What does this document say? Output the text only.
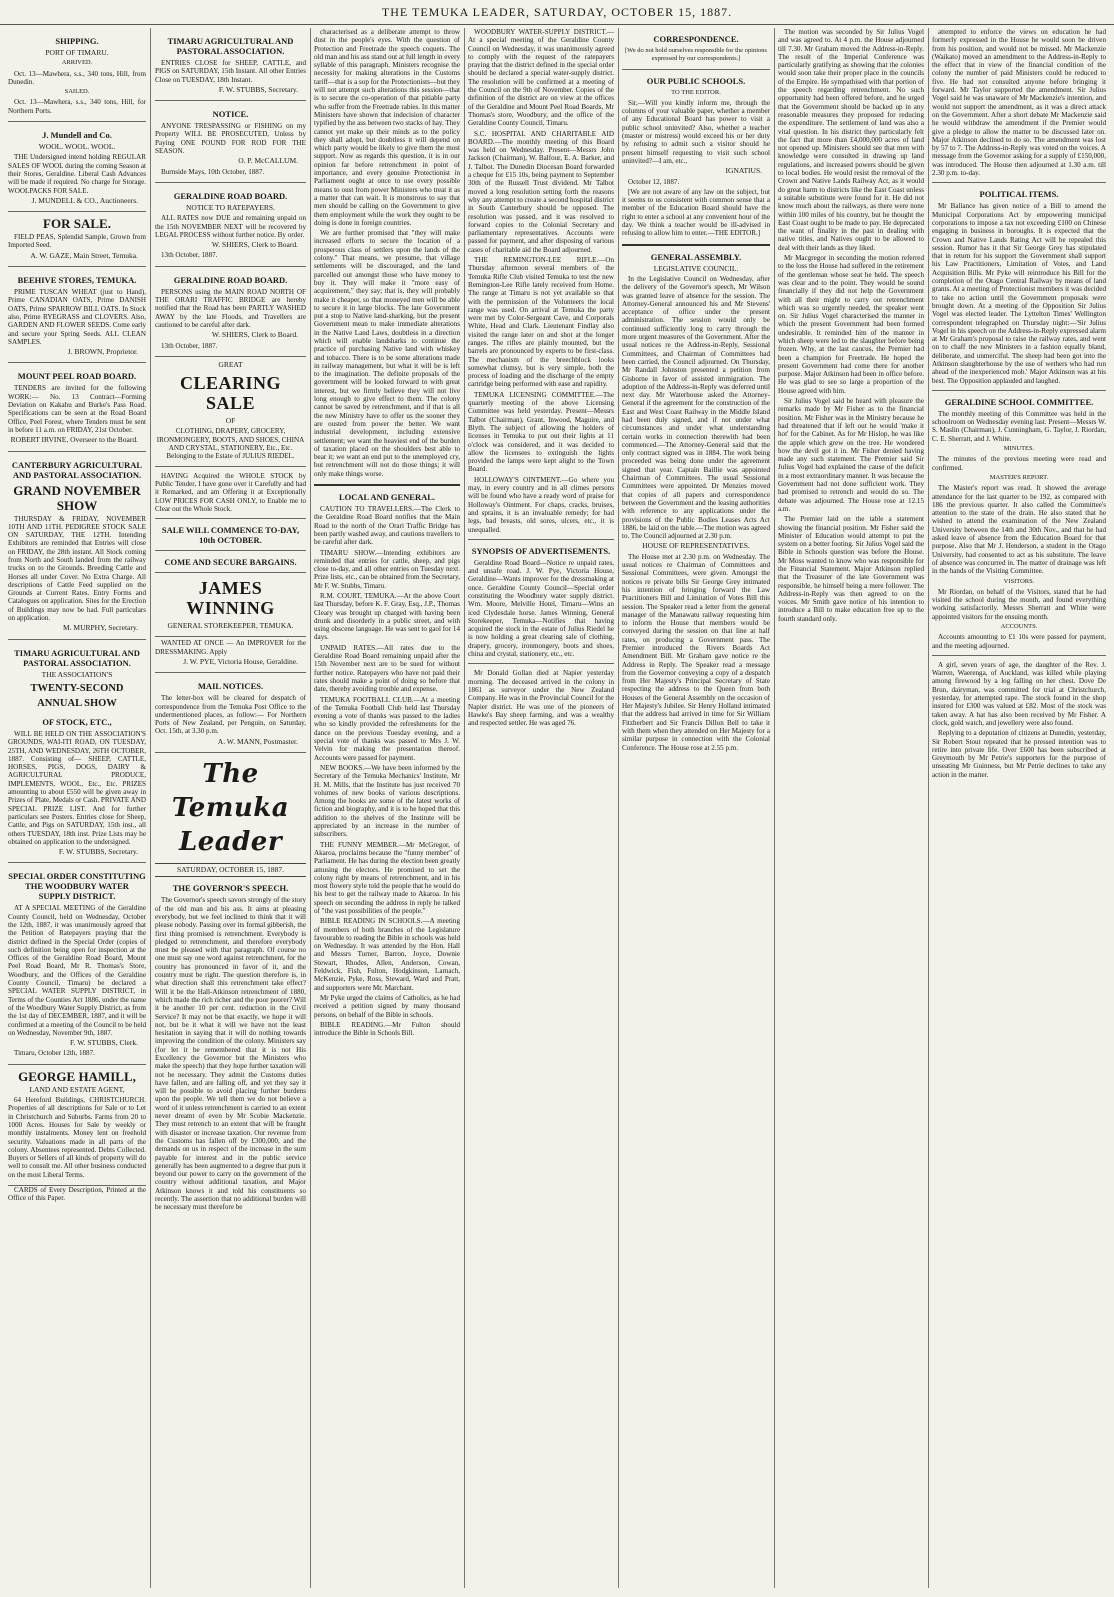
THE TEMUKA LEADER, SATURDAY, OCTOBER 15, 1887.
SHIPPING.
PORT OF TIMARU.
ARRIVED.

Oct. 13—Mawhera, s.s., 340 tons, Hill, from Dunedin.

SAILED.

Oct. 13—Mawhera, s.s., 340 tons, Hill, for Northern Ports.

J. Mundell and Co.
WOOL. WOOL. WOOL.

THE Undersigned intend holding REGULAR SALES OF WOOL during the coming Season at their Stores, Geraldine. Liberal Cash Advances will be made if required. No charge for Storage. WOOLPACKS FOR SALE.

J. MUNDELL & CO., Auctioneers.
FOR SALE.

FIELD PEAS, Splendid Sample, Grown from Imported Seed.

A. W. GAZE, Main Street, Temuka.
BEEHIVE STORES, TEMUKA.

PRIME TUSCAN WHEAT (just to Hand), Prime CANADIAN OATS, Prime DANISH OATS, Prime SPARROW BILL OATS. In Stock also, Prime RYEGRASS and CLOVERS. Also, GARDEN AND FLOWER SEEDS. Come early and secure your Spring Seeds. ALL CLEAN SAMPLES.

J. BROWN, Proprietor.
MOUNT PEEL ROAD BOARD.

TENDERS are invited for the following WORK:— No. 13 Contract—Forming Deviation on Kakahu and Burke's Pass Road. Specifications can be seen at the Road Board Office, Peel Forest, where Tenders must be sent in before 11 a.m. on FRIDAY, 21st October.

ROBERT IRVINE, Overseer to the Board.
CANTERBURY AGRICULTURAL AND PASTORAL ASSOCIATION.
GRAND NOVEMBER SHOW

THURSDAY & FRIDAY, NOVEMBER 10TH AND 11TH. PEDIGREE STOCK SALE ON SATURDAY, THE 12TH. Intending Exhibitors are reminded that Entries will close on FRIDAY, the 28th instant. All Stock coming from North and South landed from the railway trucks on to the Grounds. Breeding Cattle and Horses all under Cover. No Extra Charge. All descriptions of Cattle Feed supplied on the Grounds at Current Rates. Entry Forms and Catalogues on application. Sites for the Erection of Buildings may now be had. Full particulars on application.

M. MURPHY, Secretary.
TIMARU AGRICULTURAL AND PASTORAL ASSOCIATION.
THE ASSOCIATION'S
TWENTY-SECOND ANNUAL SHOW
OF STOCK, ETC.,

WILL BE HELD ON THE ASSOCIATION'S GROUNDS, WAI-ITI ROAD, ON TUESDAY, 25TH, AND WEDNESDAY, 26TH OCTOBER, 1887. Consisting of— SHEEP, CATTLE, HORSES, PIGS, DOGS, DAIRY & AGRICULTURAL PRODUCE, IMPLEMENTS, WOOL, Etc., Etc. PRIZES amounting to about £550 will be given away in Prizes of Plate, Medals or Cash. PRIVATE AND SPECIAL PRIZE LIST. And for further particulars see Posters. Entries close for Sheep, Cattle, and Pigs on SATURDAY, 15th inst., all others TUESDAY, 18th inst. Prize Lists may be obtained on application to the undersigned.

F. W. STUBBS, Secretary.
SPECIAL ORDER CONSTITUTING THE WOODBURY WATER SUPPLY DISTRICT.

AT A SPECIAL MEETING of the Geraldine County Council, held on Wednesday, October the 12th, 1887, it was unanimously agreed that the Petition of Ratepayers praying that the district defined in the Special Order (copies of such definition being open for inspection at the Offices of the Geraldine Road Board, Mount Peel Road Board, Mr R. Thomas's Store, Woodbury, and the Offices of the Geraldine County Council, Timaru) be declared a SPECIAL WATER SUPPLY DISTRICT, in Terms of the Counties Act 1886, under the name of the Woodbury Water Supply District, as from the 1st day of DECEMBER, 1887, and it will be confirmed at a meeting of the Council to be held on Wednesday, November 9th, 1887.

F. W. STUBBS, Clerk.

Timaru, October 12th, 1887.

GEORGE HAMILL,
LAND AND ESTATE AGENT,

64 Hereford Buildings, CHRISTCHURCH. Properties of all descriptions for Sale or to Let in Christchurch and Suburbs. Farms from 20 to 1000 Acres. Houses for Sale by weekly or monthly instalments. Money lent on freehold security. Valuations made in all parts of the colony. Absentees represented. Debts Collected. Buyers or Sellers of all kinds of property will do well to consult me. All other business conducted on the most Liberal Terms.

CARDS of Every Description, Printed at the Office of this Paper.

TIMARU AGRICULTURAL AND PASTORAL ASSOCIATION.

ENTRIES CLOSE for SHEEP, CATTLE, and PIGS on SATURDAY, 15th Instant. All other Entries Close on TUESDAY, 18th Instant.

F. W. STUBBS, Secretary.
NOTICE.

ANYONE TRESPASSING or FISHING on my Property WILL BE PROSECUTED, Unless by Paying ONE POUND FOR ROD FOR THE SEASON.

O. P. McCALLUM.

Burnside Mays, 10th October, 1887.

GERALDINE ROAD BOARD.
NOTICE TO RATEPAYERS.

ALL RATES now DUE and remaining unpaid on the 15th NOVEMBER NEXT will be recovered by LEGAL PROCESS without further notice. By order.

W. SHIERS, Clerk to Board.

13th October, 1887.

GERALDINE ROAD BOARD.

PERSONS using the MAIN ROAD NORTH OF THE ORARI TRAFFIC BRIDGE are hereby notified that the Road has been PARTLY WASHED AWAY by the late Floods, and Travellers are cautioned to be careful after dark.

W. SHIERS, Clerk to Board.

13th October, 1887.

GREAT
CLEARING SALE
OF

CLOTHING, DRAPERY, GROCERY, IRONMONGERY, BOOTS, AND SHOES, CHINA AND CRYSTAL, STATIONERY, Etc., Etc. Belonging to the Estate of JULIUS RIEDEL.

HAVING Acquired the WHOLE STOCK by Public Tender, I have gone over it Carefully and had it Remarked, and am Offering it at Exceptionally LOW PRICES FOR CASH ONLY, to Enable me to Clear out the Whole Stock.

SALE WILL COMMENCE TO-DAY, 10th OCTOBER.
COME AND SECURE BARGAINS.
JAMES WINNING
GENERAL STOREKEEPER, TEMUKA.

WANTED AT ONCE — An IMPROVER for the DRESSMAKING. Apply

J. W. PYE, Victoria House, Geraldine.
MAIL NOTICES.

The letter-box will be cleared for despatch of correspondence from the Temuka Post Office to the undermentioned places, as follow:— For Northern Ports of New Zealand, per Penguin, on Saturday, Oct. 15th, at 3.30 p.m.

A. W. MANN, Postmaster.
The Temuka Leader
SATURDAY, OCTOBER 15, 1887.
THE GOVERNOR'S SPEECH.

The Governor's speech savors strongly of the story of the old man and his ass. It aims at pleasing everybody, but we feel inclined to think that it will please nobody. Passing over its formal gibberish, the first thing promised is retrenchment. Everybody is pledged to retrenchment, and therefore everybody must be pleased with that paragraph. Of course no one must say one word against retrenchment, for the country has pronounced in favor of it, and the country must be right. The question therefore is, in what direction shall this retrenchment take effect? Will it be the Hall-Atkinson retrenchment of 1880, which made the rich richer and the poor poorer? Will it be another 10 per cent. reduction in the Civil Service? It may not be that exactly, we hope it will not, but be it what it will we have not the least hesitation in saying that it will do nothing towards improving the condition of the colony. Ministers say (for let it be remembered that it is not His Excellency the Governor but the Ministers who make the speech) that they hope further taxation will not be necessary. They admit the Customs duties have fallen, and are falling off, and yet they say it will be possible to avoid placing further burdens upon the people. We tell them we do not believe a word of it unless retrenchment is carried to an extent never dreamt of even by Mr Scobie Mackenzie. They must retrench to an extent that will be fraught with disaster or increase taxation. Our revenue from the Customs has fallen off by £300,000, and the demands on us in respect of the increase in the sum payable for interest and in the public service generally has been augmented to a degree that puts it beyond our power to carry on the government of the country without additional taxation, and Major Atkinson knows it and told his constituents so recently. The assertion that no additional burden will be necessary must therefore be

characterised as a deliberate attempt to throw dust in the people's eyes. With the question of Protection and Freetrade the speech coquets. The old man and his ass stand out at full length in every syllable of this paragraph. Ministers recognise the necessity for making alterations in the Customs tariff—that is a sop for the Protectionists—but they will not attempt such alterations this session—that is to secure the co-operation of that pitiable party who suffer from the Freetrade rabies. In this matter Ministers have shown that indecision of character typified by the ass between two stacks of hay. They cannot yet make up their minds as to the policy they shall adopt, but doubtless it will depend on which party would be likely to give them the most support. Now as regards this question, it is in our opinion far before retrenchment in point of importance, and every genuine Protectionist in Parliament ought at once to use every possible means to oust from power Ministers who treat it as a matter that can wait. It is monstrous to say that men should be calling on the Government to give them employment while the work they ought to be doing is done in foreign countries.

We are further promised that "they will make increased efforts to secure the location of a prosperous class of settlers upon the lands of the colony." That means, we presume, that village settlements will be discouraged, and the land parcelled out amongst those who have money to buy it. They will make it "more easy of acquirement," they say; that is, they will probably make it cheaper, so that moneyed men will be able to secure it in large blocks. The late Government put a stop to Native land-sharking, but the present Government mean to make immediate alterations in the Native Land Laws, doubtless in a direction which will enable landsharks to continue the practice of purchasing Native land with whiskey and tobacco. There is to be some alterations made in railway management, but what it will be is left to the imagination. The definite proposals of the government will be looked forward to with great interest, but we firmly believe they will not live long enough to give effect to them. The colony cannot be saved by retrenchment, and if that is all the new Ministry have to offer us the sooner they are ousted from power the better. We want industrial development, including extensive settlement; we want the heaviest end of the burden of taxation placed on the shoulders best able to bear it; we want an end put to the unemployed cry, but retrenchment will not do those things; it will only make things worse.

LOCAL AND GENERAL.

CAUTION TO TRAVELLERS.—The Clerk to the Geraldine Road Board notifies that the Main Road to the north of the Orari Traffic Bridge has been partly washed away, and cautions travellers to be careful after dark.

TIMARU SHOW.—Intending exhibitors are reminded that entries for cattle, sheep, and pigs close to-day, and all other entries on Tuesday next. Prize lists, etc., can be obtained from the Secretary, Mr F. W. Stubbs, Timaru.

R.M. COURT, TEMUKA.—At the above Court last Thursday, before K. F. Gray, Esq., J.P., Thomas Cleary was brought up charged with having been drunk and disorderly in a public street, and with using obscene language. He was sent to gaol for 14 days.

UNPAID RATES.—All rates due to the Geraldine Road Board remaining unpaid after the 15th November next are to be sued for without further notice. Ratepayers who have not paid their rates should make a point of doing so before that date, thereby avoiding trouble and expense.

TEMUKA FOOTBALL CLUB.—At a meeting of the Temuka Football Club held last Thursday evening a vote of thanks was passed to the ladies who so kindly provided the refreshments for the dance on the previous Tuesday evening, and a special vote of thanks was passed to Mrs J. W. Velvin for making the presentation thereof. Accounts were passed for payment.

NEW BOOKS.—We have been informed by the Secretary of the Temuka Mechanics' Institute, Mr H. M. Mills, that the Institute has just received 70 volumes of new books of various descriptions. Among the books are some of the latest works of fiction and biography, and it is to be hoped that this addition to the shelves of the Institute will be appreciated by an increase in the number of subscribers.

THE FUNNY MEMBER.—Mr McGregor, of Akaroa, proclaims because the "funny member" of Parliament. He has during the election been greatly amusing the electors. He promised to set the colony right by means of retrenchment, and in his most flowery style told the people that he would do his best to get the railway made to Akaroa. In his speech on seconding the address in reply he talked of "the vast possibilities of the people."

BIBLE READING IN SCHOOLS.—A meeting of members of both branches of the Legislature favourable to reading the Bible in schools was held on Wednesday. It was attended by the Hon. Hall and Messrs Turner, Barron, Joyce, Downie Stewart, Rhodes, Allen, Anderson, Cowan, Feldwick, Fish, Fulton, Hodgkinson, Larnach, McKenzie, Pyke, Ross, Steward, Ward and Pratt, and supporters were Mr. Marchant.

Mr Pyke urged the claims of Catholics, as he had received a petition signed by many thousand persons, on behalf of the Bible in schools.

BIBLE READING.—Mr Fulton should introduce the Bible in Schools Bill.

WOODBURY WATER-SUPPLY DISTRICT.—At a special meeting of the Geraldine County Council on Wednesday, it was unanimously agreed to comply with the request of the ratepayers praying that the district defined in the special order should be declared a special water-supply district. The resolution will be confirmed at a meeting of the Council on the 9th of November. Copies of the definition of the district are on view at the offices of the Geraldine and Mount Peel Road Boards, Mr Thomas's store, Woodbury, and the office of the Geraldine County Council, Timaru.

S.C. HOSPITAL AND CHARITABLE AID BOARD.—The monthly meeting of this Board was held on Wednesday. Present—Messrs John Jackson (Chairman), W. Balfour, E. A. Barker, and J. Talbot. The Dunedin Diocesan Board forwarded a cheque for £15 10s, being payment to September 30th of the Russell Trust dividend. Mr Talbot moved a long resolution setting forth the reasons why any attempt to create a second hospital district in South Canterbury should be opposed. The resolution was passed, and it was resolved to forward copies to the Colonial Secretary and parliamentary representatives. Accounts were passed for payment, and after disposing of various cases of charitable aid the Board adjourned.

THE REMINGTON-LEE RIFLE.—On Thursday afternoon several members of the Temuka Rifle Club visited Temuka to test the new Remington-Lee Rifle lately received from Home. The range at Timaru is not yet available so that with the permission of the Volunteers the local range was used. On arrival at Temuka the party were met by Color-Sergeant Cave, and Corporals White, Head and Clark. Lieutenant Findlay also visited the range later on and shot at the longer ranges. The rifles are plainly mounted, but the barrels are pronounced by experts to be first-class. The mechanism of the breechblock looks somewhat clumsy, but is very simple, both the process of loading and the discharge of the empty cartridge being performed with ease and rapidity.

TEMUKA LICENSING COMMITTEE.—The quarterly meeting of the above Licensing Committee was held yesterday. Present—Messrs Talbot (Chairman), Grant, Inwood, Maguire, and Blyth. The subject of allowing the holders of licenses in Temuka to put out their lights at 11 o'clock was considered, and it was decided to allow the licensees to extinguish the lights provided the lamps were kept alight to the Town Board.

HOLLOWAY'S OINTMENT.—Go where you may, in every country and in all climes persons will be found who have a ready word of praise for Holloway's Ointment. For chaps, cracks, bruises, and sprains, it is an invaluable remedy; for bad legs, bad breasts, old sores, ulcers, etc., it is unequalled.

SYNOPSIS OF ADVERTISEMENTS.

Geraldine Road Board—Notice re unpaid rates, and unsafe road. J. W. Pye, Victoria House, Geraldine—Wants improver for the dressmaking at once. Geraldine County Council—Special order constituting the Woodbury water supply district. Wm. Moore, Melville Hotel, Timaru—Wins an iced Clydesdale horse. James Winning, General Storekeeper, Temuka—Notifies that having acquired the stock in the estate of Julius Riedel he is now holding a great clearing sale of clothing, drapery, grocery, ironmongery, boots and shoes, china and crystal, stationery, etc., etc.

Mr Donald Gollan died at Napier yesterday morning. The deceased arrived in the colony in 1861 as surveyor under the New Zealand Company. He was in the Provincial Council for the Napier district. He was one of the pioneers of Hawke's Bay sheep farming, and was a wealthy and respected settler. He was aged 76.

CORRESPONDENCE.

[We do not hold ourselves responsible for the opinions expressed by our correspondents.]

OUR PUBLIC SCHOOLS.
TO THE EDITOR.

Sir,—Will you kindly inform me, through the columns of your valuable paper, whether a member of any Educational Board has power to visit a public school uninvited? Also, whether a teacher (master or mistress) would exceed his or her duty by refusing to admit such a visitor should he present himself requesting to visit such school uninvited?—I am, etc.,

IGNATIUS.

October 12, 1887.

[We are not aware of any law on the subject, but it seems to us consistent with common sense that a member of the Education Board should have the right to enter a school at any convenient hour of the day. We think a teacher would be ill-advised in refusing to allow him to enter.—THE EDITOR.]

GENERAL ASSEMBLY.
LEGISLATIVE COUNCIL.

In the Legislative Council on Wednesday, after the delivery of the Governor's speech, Mr Wilson was granted leave of absence for the session. The Attorney-General announced his and Mr Stevens' acceptance of office under the present administration. The session would only be continued sufficiently long to carry through the more urgent measures of the Government. After the usual notices re the Address-in-Reply, Sessional Committees, and Chairman of Committees had been carried, the Council adjourned. On Thursday, Mr Randall Johnston presented a petition from Gisborne in favor of assisted immigration. The adoption of the Address-in-Reply was deferred until next day. Mr Waterhouse asked the Attorney-General if the agreement for the construction of the East and West Coast Railway in the Middle Island had been duly signed, and if not under what circumstances and under what understanding certain works in connection therewith had been commenced.—The Attorney-General said that the only contract signed was in 1884. The work being proceeded was being done under the agreement signed that year. Captain Baillie was appointed Chairman of Committees. The usual Sessional Committees were appointed. Dr Menzies moved that copies of all papers and correspondence between the Government and the leasing authorities with reference to any applications under the provisions of the Public Bodies Leases Acts Act 1886, be laid on the table.—The motion was agreed to. The Council adjourned at 2.30 p.m.

HOUSE OF REPRESENTATIVES.

The House met at 2.30 p.m. on Wednesday. The usual notices re Chairman of Committees and Sessional Committees, were given. Amongst the notices re private bills Sir George Grey intimated his intention of bringing forward the Law Practitioners Bill and Limitation of Votes Bill this session. The Speaker read a letter from the general manager of the Manawatu railway requesting him to inform the House that members would be conveyed during the session on that line at half rates, on producing a Government pass. The Premier introduced the Rivers Boards Act Amendment Bill. Mr Graham gave notice re the Address in Reply. The Speaker read a message from the Governor conveying a copy of a despatch from Her Majesty's Principal Secretary of State respecting the address to the Queen from both Houses of the General Assembly on the occasion of Her Majesty's Jubilee. Sir Henry Holland intimated that the address had arrived in time for Sir William Fitzherbert and Sir Francis Dillon Bell to take it with them when they attended on Her Majesty for a similar purpose in connection with the Colonial Conference. The House rose at 2.55 p.m.

The motion was seconded by Sir Julius Vogel and was agreed to. At 4 p.m. the House adjourned till 7.30. Mr Graham moved the Address-in-Reply. The result of the Imperial Conference was particularly gratifying as showing that the colonies would soon take their proper place in the councils of the Empire. He sympathised with that portion of the speech regarding retrenchment. No such opportunity had been offered before, and he urged that the Government should be backed up in any reasonable measures they proposed for reducing the expenditure. The settlement of land was also a vital question. In his district they particularly felt the fact that more than £4,000,000 acres of land not opened up. Ministers should see that men with knowledge were consulted in drawing up land regulations, and increased powers should be given to local bodies. He would resist the removal of the Crown and Native Lands Railway Act, as it would do great harm to districts like the East Coast unless a suitable substitute were found for it. He did not know much about the railways, as there were none within 100 miles of his country, but he thought the East Coast ought to be made to pay. He deprecated the want of finality in the past in dealing with native titles, and Natives ought to be allowed to deal with their lands as they liked.

Mr Macgregor in seconding the motion referred to the loss the House had suffered in the retirement of the gentleman whose seat he held. The speech was clear and to the point. They would be sound financially if they did not help the Government with all their might to carry out retrenchment which was so urgently needed, the speaker went on. Sir Julius Vogel characterised the manner in which the present Government had been formed undesirable. It reminded him of the manner in which sheep were led to the slaughter before being frozen. Why, at the last caucus, the Premier had been a champion for Freetrade. He hoped the present Government had come there for another purpose. Major Atkinson had been in office before. He was glad to see so large a proportion of the House agreed with him.

Sir Julius Vogel said he heard with pleasure the remarks made by Mr Fisher as to the financial position. Mr Fisher was in the Ministry because he had threatened that if left out he would 'make it hot' for the Cabinet. As for Mr Hislop, he was like the apple which grew on the tree. He wondered how the devil got it in. Mr Fisher denied having made any such statement. The Premier said Sir Julius Vogel had explained the cause of the deficit in a most extraordinary manner. It was because the Government had not done sufficient work. They had promised to retrench and would do so. The debate was adjourned. The House rose at 12.15 a.m.

The Premier laid on the table a statement showing the financial position. Mr Fisher said the Minister of Education would attempt to put the system on a better footing. Sir Julius Vogel said the Bible in Schools question was before the House. Mr Moss wanted to know who was responsible for the Financial Statement. Major Atkinson replied that the Treasurer of the late Government was responsible, he himself being a mere follower. The Address-in-Reply was then agreed to on the voices. Mr Smith gave notice of his intention to introduce a Bill to make education free up to the fourth standard only.

attempted to enforce the views on education he had formerly expressed in the House he would soon be driven from his position, and would not be missed. Mr Mackenzie (Waikato) moved an amendment to the Address-in-Reply to the effect that in view of the financial condition of the colony the number of paid Ministers could be reduced to five. He had not consulted anyone before bringing it forward. Mr Taylor supported the amendment. Sir Julius Vogel said he was unaware of Mr Mackenzie's intention, and would not support the amendment, as it was a direct attack on the Government. After a short debate Mr Mackenzie said he would withdraw the amendment if the Premier would give a pledge to allow the matter to be discussed later on. Major Atkinson declined to do so. The amendment was lost by 57 to 7. The Address-in-Reply was voted on the voices. A message from the Governor asking for a supply of £150,000, was introduced. The House then adjourned at 1.30 a.m. till 2.30 p.m. to-day.

POLITICAL ITEMS.

Mr Ballance has given notice of a Bill to amend the Municipal Corporations Act by empowering municipal corporations to impose a tax not exceeding £100 on Chinese engaging in business in boroughs. It is expected that the Crown and Native Lands Rating Act will be repealed this session. Rumor has it that Sir George Grey has stipulated that in return for his support the Government shall support his Law Practitioners, Limitation of Votes, and Land Acquisition Bills. Mr Pyke will reintroduce his Bill for the completion of the Otago Central Railway by means of land grants. At a meeting of Protectionist members it was decided to take no action until the Government proposals were brought down. At a meeting of the Opposition Sir Julius Vogel was elected leader. The Lyttelton Times' Wellington correspondent telegraphed on Thursday night:—'Sir Julius Vogel in his speech on the Address-in-Reply expressed alarm at Mr Graham's proposal to raise the railway rates, and went on to chaff the new Ministers in a fashion equally bland, deliberate, and unmerciful. The sheep had been got into the Atkinson slaughterhouse by the use of wethers who had run ahead of the inexperienced mob.' Major Atkinson was at his best. The Opposition applauded and laughed.

GERALDINE SCHOOL COMMITTEE.

The monthly meeting of this Committee was held in the schoolroom on Wednesday evening last. Present—Messrs W. S. Maslin (Chairman), J. Cunningham, G. Taylor, J. Riordan, C. E. Sherratt, and J. White.

MINUTES.

The minutes of the previous meeting were read and confirmed.

MASTER'S REPORT.

The Master's report was read. It showed the average attendance for the last quarter to be 192, as compared with 186 the previous quarter. It also called the Committee's attention to the state of the drain. He also stated that he wished to attend the examination of the New Zealand University between the 14th and 30th Nov., and that he had asked leave of absence from the Education Board for that purpose. Also that Mr J. Henderson, a student in the Otago University, had consented to act as his substitute. The leave of absence was concurred in. The matter of drainage was left in the hands of the Visiting Committee.

VISITORS.

Mr Riordan, on behalf of the Visitors, stated that he had visited the school during the month, and found everything working satisfactorily. Messrs Sherratt and White were appointed visitors for the ensuing month.

ACCOUNTS.

Accounts amounting to £1 10s were passed for payment, and the meeting adjourned.

A girl, seven years of age, the daughter of the Rev. J. Warren, Waerenga, of Auckland, was killed while playing among firewood by a log falling on her chest. Dove De Brun, dairyman, was committed for trial at Christchurch, yesterday, for attempted rape. The stock found in the shop insured for £300 was valued at £82. Most of the stock was taken away. A hat has also been received by Mr Fisher. A clock, gold watch, and jewellery were also found.

Replying to a deputation of citizens at Dunedin, yesterday, Sir Robert Stout repeated that he pressed intention was to retire into private life. Over £600 has been subscribed at Greymouth by Mr Petrie's supporters for the purpose of unseating Mr Guinness, but Mr Petrie declines to take any action in the matter.
